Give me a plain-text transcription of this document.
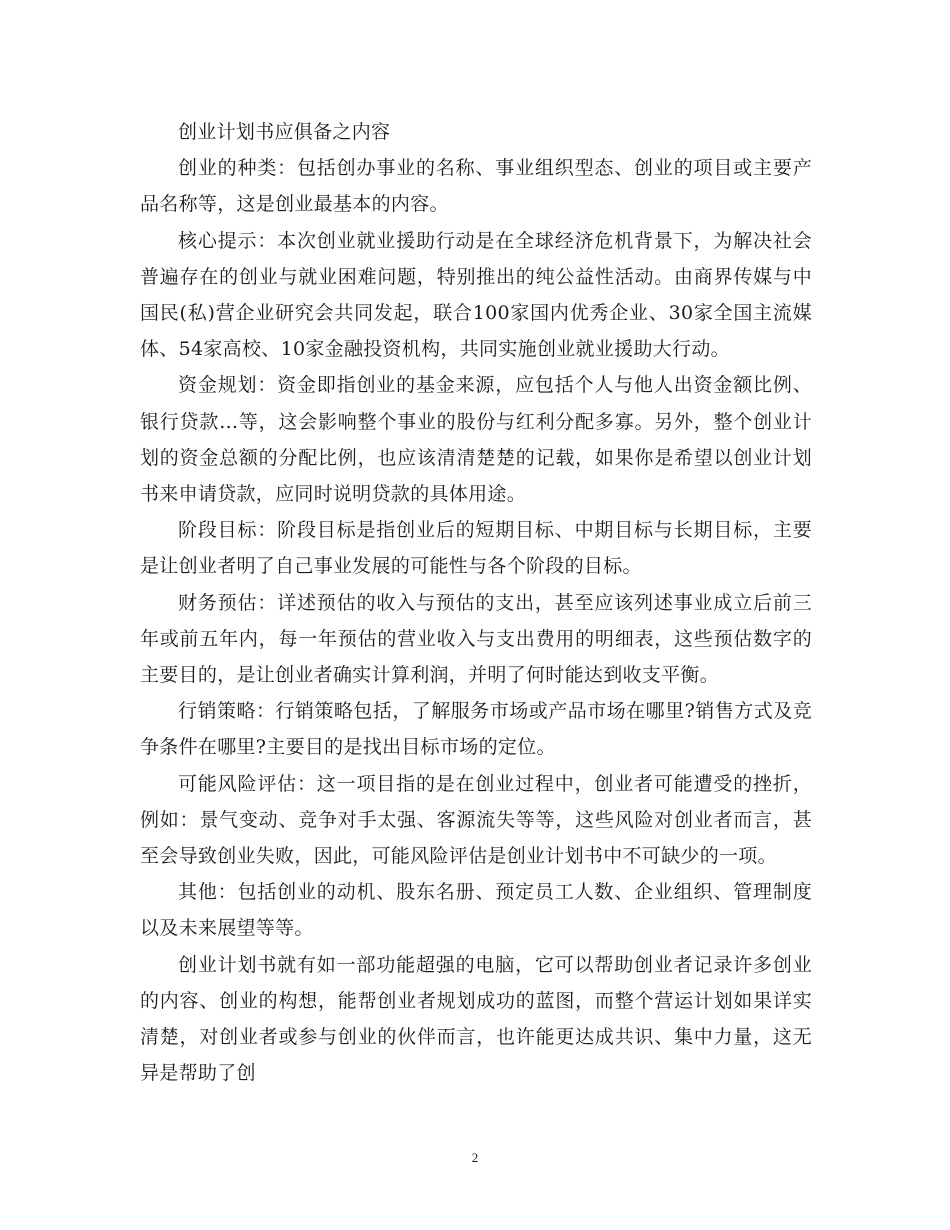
创业计划书应俱备之内容

创业的种类：包括创办事业的名称、事业组织型态、创业的项目或主要产品名称等，这是创业最基本的内容。

核心提示：本次创业就业援助行动是在全球经济危机背景下，为解决社会普遍存在的创业与就业困难问题，特别推出的纯公益性活动。由商界传媒与中国民(私)营企业研究会共同发起，联合100家国内优秀企业、30家全国主流媒体、54家高校、10家金融投资机构，共同实施创业就业援助大行动。

资金规划：资金即指创业的基金来源，应包括个人与他人出资金额比例、银行贷款…等，这会影响整个事业的股份与红利分配多寡。另外，整个创业计划的资金总额的分配比例，也应该清清楚楚的记载，如果你是希望以创业计划书来申请贷款，应同时说明贷款的具体用途。

阶段目标：阶段目标是指创业后的短期目标、中期目标与长期目标，主要是让创业者明了自己事业发展的可能性与各个阶段的目标。

财务预估：详述预估的收入与预估的支出，甚至应该列述事业成立后前三年或前五年内，每一年预估的营业收入与支出费用的明细表，这些预估数字的主要目的，是让创业者确实计算利润，并明了何时能达到收支平衡。

行销策略：行销策略包括，了解服务市场或产品市场在哪里?销售方式及竞争条件在哪里?主要目的是找出目标市场的定位。

可能风险评估：这一项目指的是在创业过程中，创业者可能遭受的挫折，例如：景气变动、竞争对手太强、客源流失等等，这些风险对创业者而言，甚至会导致创业失败，因此，可能风险评估是创业计划书中不可缺少的一项。

其他：包括创业的动机、股东名册、预定员工人数、企业组织、管理制度以及未来展望等等。

创业计划书就有如一部功能超强的电脑，它可以帮助创业者记录许多创业的内容、创业的构想，能帮创业者规划成功的蓝图，而整个营运计划如果详实清楚，对创业者或参与创业的伙伴而言，也许能更达成共识、集中力量，这无异是帮助了创

2
